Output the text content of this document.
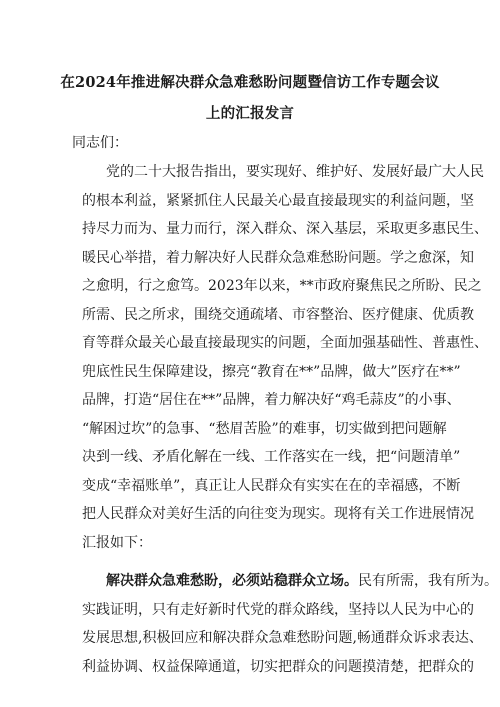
在2024年推进解决群众急难愁盼问题暨信访工作专题会议
上的汇报发言
同志们：
党的二十大报告指出，要实现好、维护好、发展好最广大人民
的根本利益，紧紧抓住人民最关心最直接最现实的利益问题，坚
持尽力而为、量力而行，深入群众、深入基层，采取更多惠民生、
暖民心举措，着力解决好人民群众急难愁盼问题。学之愈深，知
之愈明，行之愈笃。2023年以来，**市政府聚焦民之所盼、民之
所需、民之所求，围绕交通疏堵、市容整治、医疗健康、优质教
育等群众最关心最直接最现实的问题，全面加强基础性、普惠性、
兜底性民生保障建设，擦亮“教育在**”品牌，做大”医疗在**”
品牌，打造“居住在**”品牌，着力解决好“鸡毛蒜皮”的小事、
“解困过坎”的急事、“愁眉苦脸”的难事，切实做到把问题解
决到一线、矛盾化解在一线、工作落实在一线，把“问题清单”
变成“幸福账单”，真正让人民群众有实实在在的幸福感，不断
把人民群众对美好生活的向往变为现实。现将有关工作进展情况
汇报如下：
解决群众急难愁盼，必须站稳群众立场。民有所需，我有所为。
实践证明，只有走好新时代党的群众路线，坚持以人民为中心的
发展思想,积极回应和解决群众急难愁盼问题,畅通群众诉求表达、
利益协调、权益保障通道，切实把群众的问题摸清楚，把群众的
